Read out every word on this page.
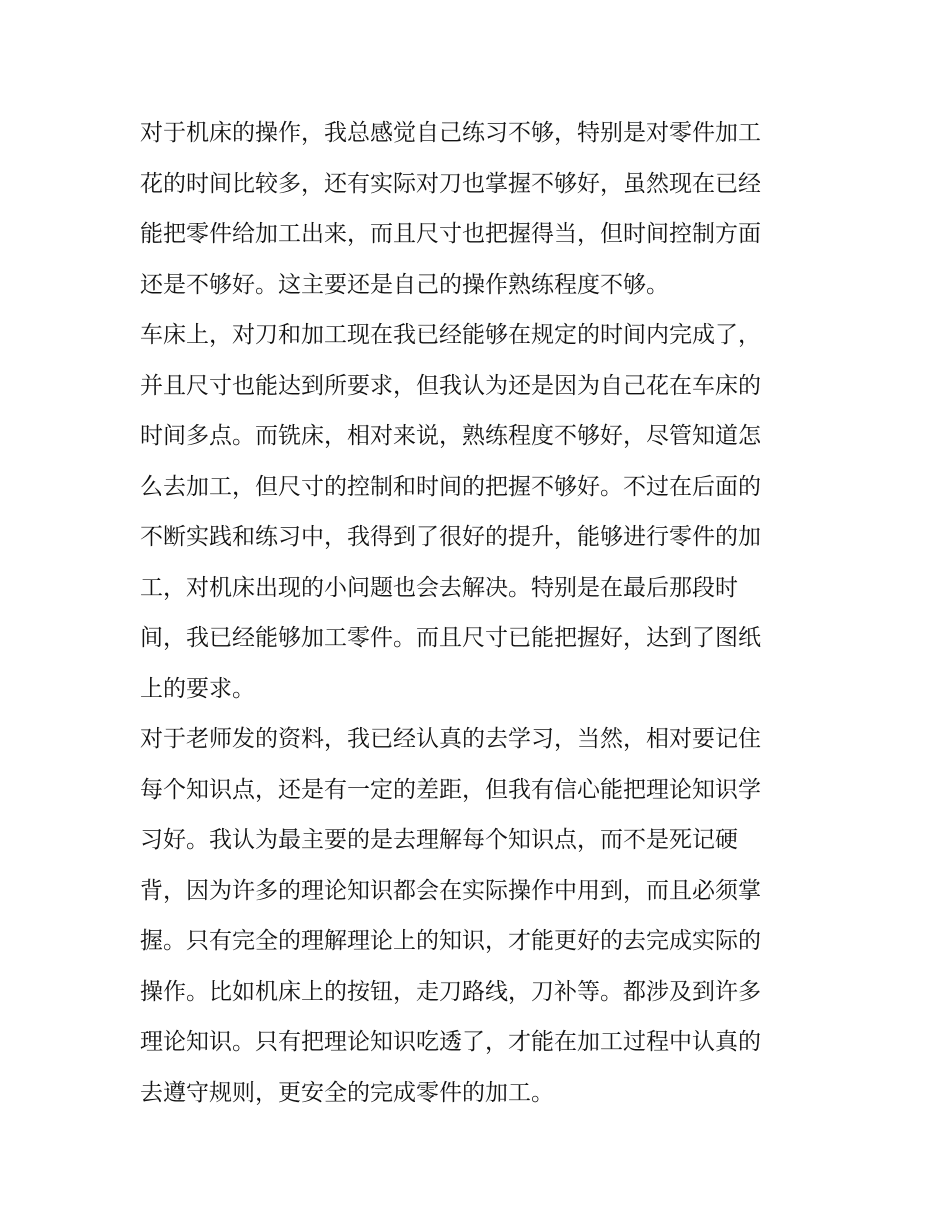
对于机床的操作，我总感觉自己练习不够，特别是对零件加工
花的时间比较多，还有实际对刀也掌握不够好，虽然现在已经
能把零件给加工出来，而且尺寸也把握得当，但时间控制方面
还是不够好。这主要还是自己的操作熟练程度不够。

车床上，对刀和加工现在我已经能够在规定的时间内完成了，
并且尺寸也能达到所要求，但我认为还是因为自己花在车床的
时间多点。而铣床，相对来说，熟练程度不够好，尽管知道怎
么去加工，但尺寸的控制和时间的把握不够好。不过在后面的
不断实践和练习中，我得到了很好的提升，能够进行零件的加
工，对机床出现的小问题也会去解决。特别是在最后那段时
间，我已经能够加工零件。而且尺寸已能把握好，达到了图纸
上的要求。

对于老师发的资料，我已经认真的去学习，当然，相对要记住
每个知识点，还是有一定的差距，但我有信心能把理论知识学
习好。我认为最主要的是去理解每个知识点，而不是死记硬
背，因为许多的理论知识都会在实际操作中用到，而且必须掌
握。只有完全的理解理论上的知识，才能更好的去完成实际的
操作。比如机床上的按钮，走刀路线，刀补等。都涉及到许多
理论知识。只有把理论知识吃透了，才能在加工过程中认真的
去遵守规则，更安全的完成零件的加工。
